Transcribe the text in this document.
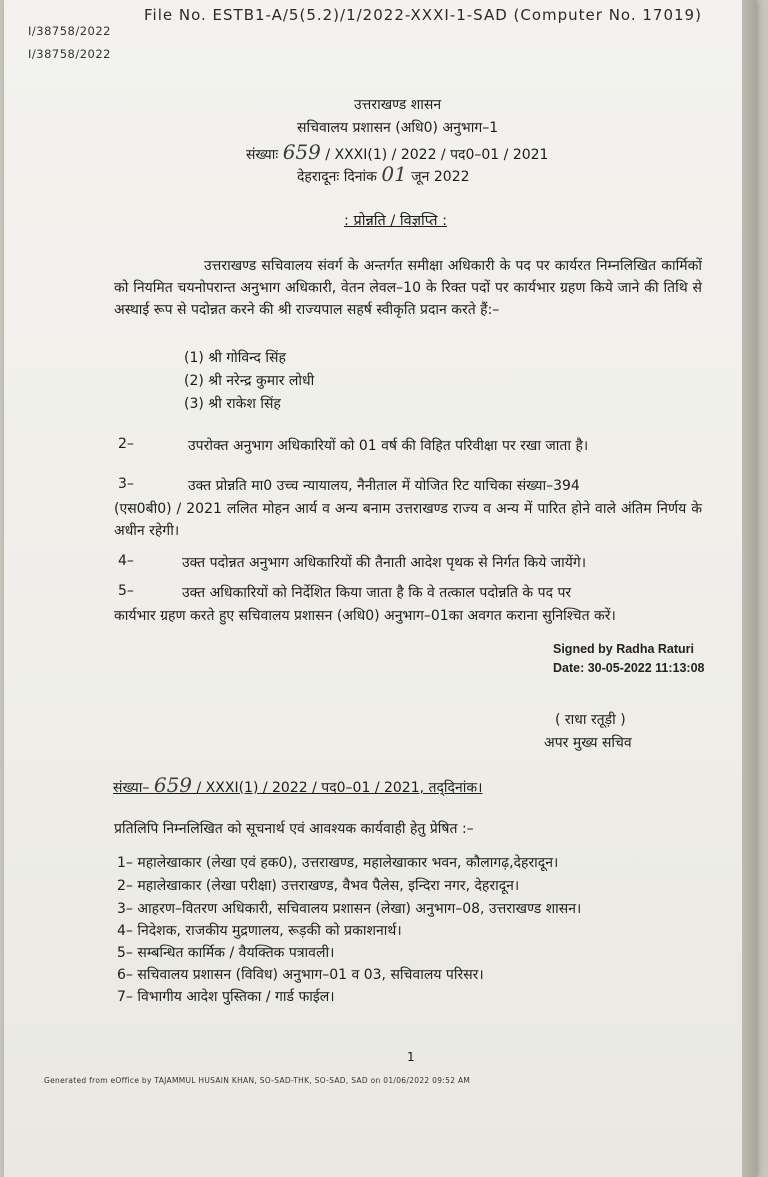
File No. ESTB1-A/5(5.2)/1/2022-XXXI-1-SAD (Computer No. 17019)
I/38758/2022
I/38758/2022
उत्तराखण्ड शासन
सचिवालय प्रशासन (अधि0) अनुभाग–1
संख्याः 659 / XXXI(1) / 2022 / पद0–01 / 2021
देहरादूनः दिनांक 01 जून 2022
: प्रोन्नति / विज्ञप्ति :
उत्तराखण्ड सचिवालय संवर्ग के अन्तर्गत समीक्षा अधिकारी के पद पर कार्यरत निम्नलिखित कार्मिकों को नियमित चयनोपरान्त अनुभाग अधिकारी, वेतन लेवल–10 के रिक्त पदों पर कार्यभार ग्रहण किये जाने की तिथि से अस्थाई रूप से पदोन्नत करने की श्री राज्यपाल सहर्ष स्वीकृति प्रदान करते हैं:–
(1) श्री गोविन्द सिंह
(2) श्री नरेन्द्र कुमार लोधी
(3) श्री राकेश सिंह
2–	उपरोक्त अनुभाग अधिकारियों को 01 वर्ष की विहित परिवीक्षा पर रखा जाता है।
3–	उक्त प्रोन्नति मा0 उच्च न्यायालय, नैनीताल में योजित रिट याचिका संख्या–394
(एस0बी0) / 2021 ललित मोहन आर्य व अन्य बनाम उत्तराखण्ड राज्य व अन्य में पारित होने वाले अंतिम निर्णय के अधीन रहेगी।
4–	उक्त पदोन्नत अनुभाग अधिकारियों की तैनाती आदेश पृथक से निर्गत किये जायेंगे।
5–	उक्त अधिकारियों को निर्देशित किया जाता है कि वे तत्काल पदोन्नति के पद पर
कार्यभार ग्रहण करते हुए सचिवालय प्रशासन (अधि0) अनुभाग–01का अवगत कराना सुनिश्चित करें।
Signed by Radha Raturi
Date: 30-05-2022 11:13:08
( राधा रतूड़ी )
अपर मुख्य सचिव
संख्या– 659 / XXXI(1) / 2022 / पद0–01 / 2021, तद्‌दिनांक।
प्रतिलिपि निम्नलिखित को सूचनार्थ एवं आवश्यक कार्यवाही हेतु प्रेषित :–
1– महालेखाकार (लेखा एवं हक0), उत्तराखण्ड, महालेखाकार भवन, कौलागढ़,देहरादून।
2– महालेखाकार (लेखा परीक्षा) उत्तराखण्ड, वैभव पैलेस, इन्दिरा नगर, देहरादून।
3– आहरण–वितरण अधिकारी, सचिवालय प्रशासन (लेखा) अनुभाग–08, उत्तराखण्ड शासन।
4– निदेशक, राजकीय मुद्रणालय, रूड़की को प्रकाशनार्थ।
5– सम्बन्धित कार्मिक / वैयक्तिक पत्रावली।
6– सचिवालय प्रशासन (विविध) अनुभाग–01 व 03, सचिवालय परिसर।
7– विभागीय आदेश पुस्तिका / गार्ड फाईल।
1
Generated from eOffice by TAJAMMUL HUSAIN KHAN, SO-SAD-THK, SO-SAD, SAD on 01/06/2022 09:52 AM
